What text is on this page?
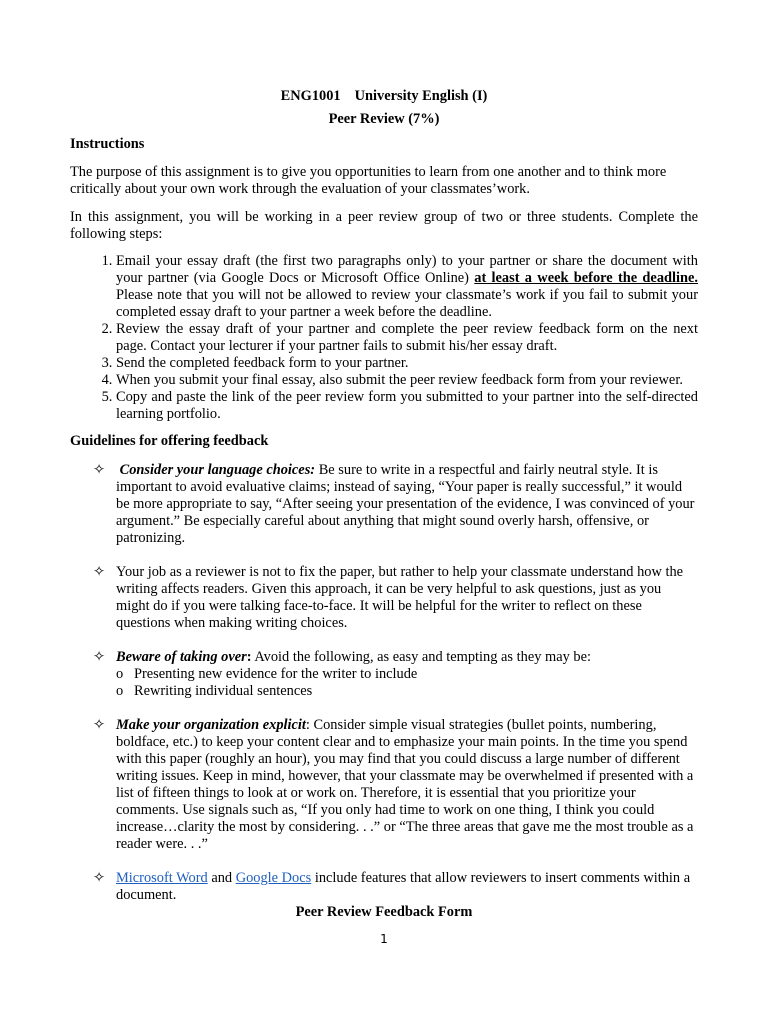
ENG1001 University English (I)

Peer Review (7%)

Instructions

The purpose of this assignment is to give you opportunities to learn from one another and to think more critically about your own work through the evaluation of your classmates’work.

In this assignment, you will be working in a peer review group of two or three students. Complete the following steps:

1. Email your essay draft (the first two paragraphs only) to your partner or share the document with your partner (via Google Docs or Microsoft Office Online) at least a week before the deadline. Please note that you will not be allowed to review your classmate’s work if you fail to submit your completed essay draft to your partner a week before the deadline.
2. Review the essay draft of your partner and complete the peer review feedback form on the next page. Contact your lecturer if your partner fails to submit his/her essay draft.
3. Send the completed feedback form to your partner.
4. When you submit your final essay, also submit the peer review feedback form from your reviewer.
5. Copy and paste the link of the peer review form you submitted to your partner into the self-directed learning portfolio.
Guidelines for offering feedback
✧ Consider your language choices: Be sure to write in a respectful and fairly neutral style. It is important to avoid evaluative claims; instead of saying, “Your paper is really successful,” it would be more appropriate to say, “After seeing your presentation of the evidence, I was convinced of your argument.” Be especially careful about anything that might sound overly harsh, offensive, or patronizing.
✧ Your job as a reviewer is not to fix the paper, but rather to help your classmate understand how the writing affects readers. Given this approach, it can be very helpful to ask questions, just as you might do if you were talking face-to-face. It will be helpful for the writer to reflect on these questions when making writing choices.
✧ Beware of taking over: Avoid the following, as easy and tempting as they may be:
o Presenting new evidence for the writer to include
o Rewriting individual sentences
✧ Make your organization explicit: Consider simple visual strategies (bullet points, numbering, boldface, etc.) to keep your content clear and to emphasize your main points. In the time you spend with this paper (roughly an hour), you may find that you could discuss a large number of different writing issues. Keep in mind, however, that your classmate may be overwhelmed if presented with a list of fifteen things to look at or work on. Therefore, it is essential that you prioritize your comments. Use signals such as, “If you only had time to work on one thing, I think you could increase…clarity the most by considering. . .” or “The three areas that gave me the most trouble as a reader were. . .”
✧ Microsoft Word and Google Docs include features that allow reviewers to insert comments within a document.

Peer Review Feedback Form

1
